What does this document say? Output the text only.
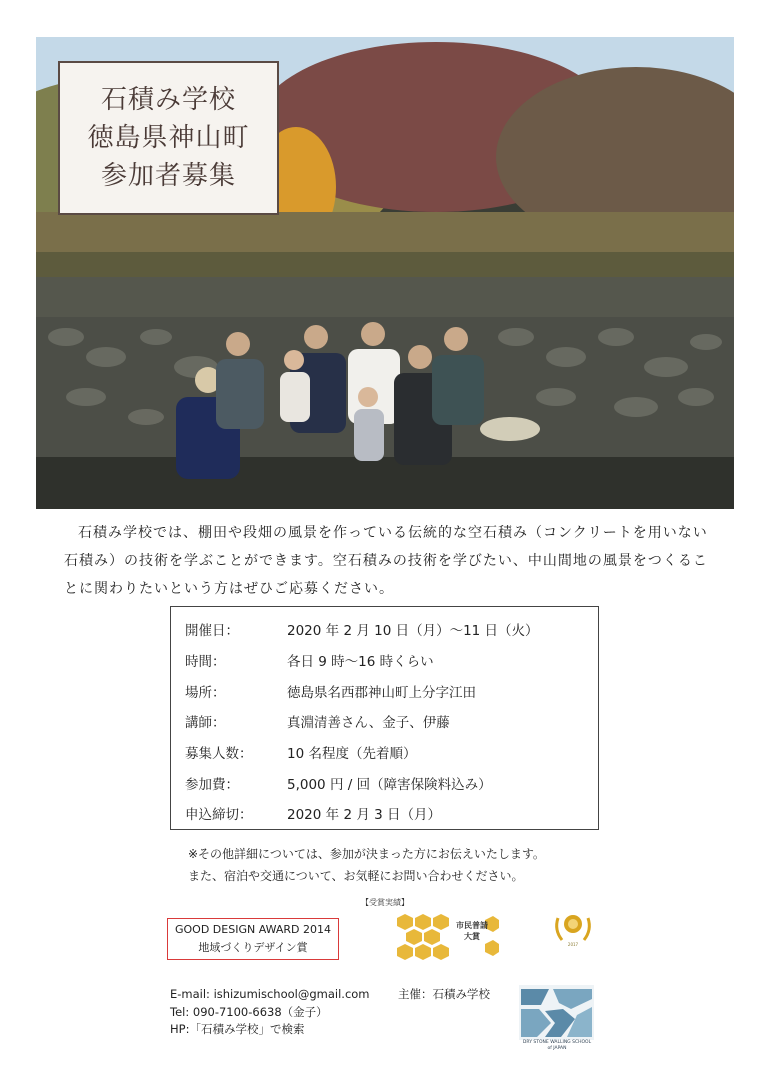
石積み学校
徳島県神山町
参加者募集

石積み学校では、棚田や段畑の風景を作っている伝統的な空石積み（コンクリートを用いない石積み）の技術を学ぶことができます。空石積みの技術を学びたい、中山間地の風景をつくることに関わりたいという方はぜひご応募ください。

開催日：	2020 年 2 月 10 日（月）〜11 日（火）
時間：	各日 9 時〜16 時くらい
場所：	徳島県名西郡神山町上分字江田
講師：	真淵清善さん、金子、伊藤
募集人数：	10 名程度（先着順）
参加費：	5,000 円 / 回（障害保険料込み）
申込締切：	2020 年 2 月 3 日（月）
※その他詳細については、参加が決まった方にお伝えいたします。
また、宿泊や交通について、お気軽にお問い合わせください。
【受賞実績】
GOOD DESIGN AWARD 2014
地域づくりデザイン賞
市民普請
大賞
2017
E-mail: ishizumischool@gmail.com
Tel: 090-7100-6638（金子）
HP:「石積み学校」で検索
主催：石積み学校
DRY STONE WALLING SCHOOL
of JAPAN
